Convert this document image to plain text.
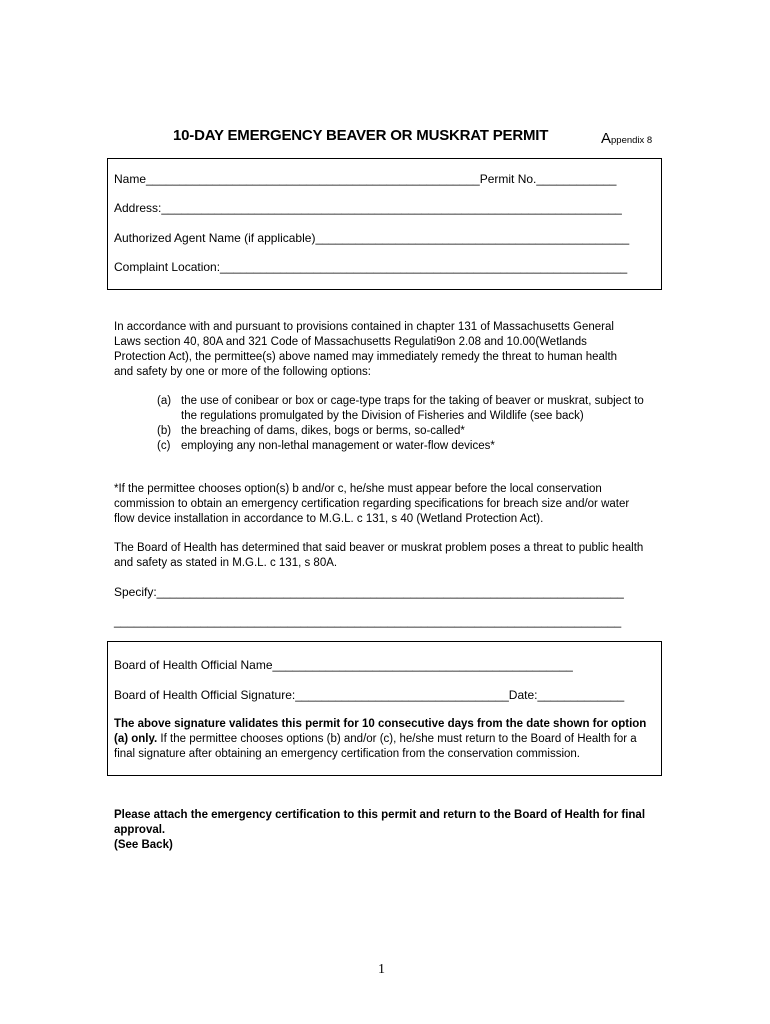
10-DAY EMERGENCY BEAVER OR MUSKRAT PERMIT	Appendix 8
Name__________________________________________________Permit No.____________
Address:_____________________________________________________________________
Authorized Agent Name (if applicable)_______________________________________________
Complaint Location:_____________________________________________________________
In accordance with and pursuant to provisions contained in chapter 131 of Massachusetts General Laws section 40, 80A and 321 Code of Massachusetts Regulati9on 2.08 and 10.00(Wetlands Protection Act), the permittee(s) above named may immediately remedy the threat to human health and safety by one or more of the following options:
(a) the use of conibear or box or cage-type traps for the taking of beaver or muskrat, subject to the regulations promulgated by the Division of Fisheries and Wildlife (see back)
(b) the breaching of dams, dikes, bogs or berms, so-called*
(c) employing any non-lethal management or water-flow devices*
*If the permittee chooses option(s) b and/or c, he/she must appear before the local conservation commission to obtain an emergency certification regarding specifications for breach size and/or water flow device installation in accordance to M.G.L. c 131, s 40 (Wetland Protection Act).
The Board of Health has determined that said beaver or muskrat problem poses a threat to public health and safety as stated in M.G.L. c 131, s 80A.
Specify:______________________________________________________________________
____________________________________________________________________________
Board of Health Official Name_____________________________________________
Board of Health Official Signature:________________________________Date:_____________
The above signature validates this permit for 10 consecutive days from the date shown for option (a) only. If the permittee chooses options (b) and/or (c), he/she must return to the Board of Health for a final signature after obtaining an emergency certification from the conservation commission.
Please attach the emergency certification to this permit and return to the Board of Health for final approval.
(See Back)
1
